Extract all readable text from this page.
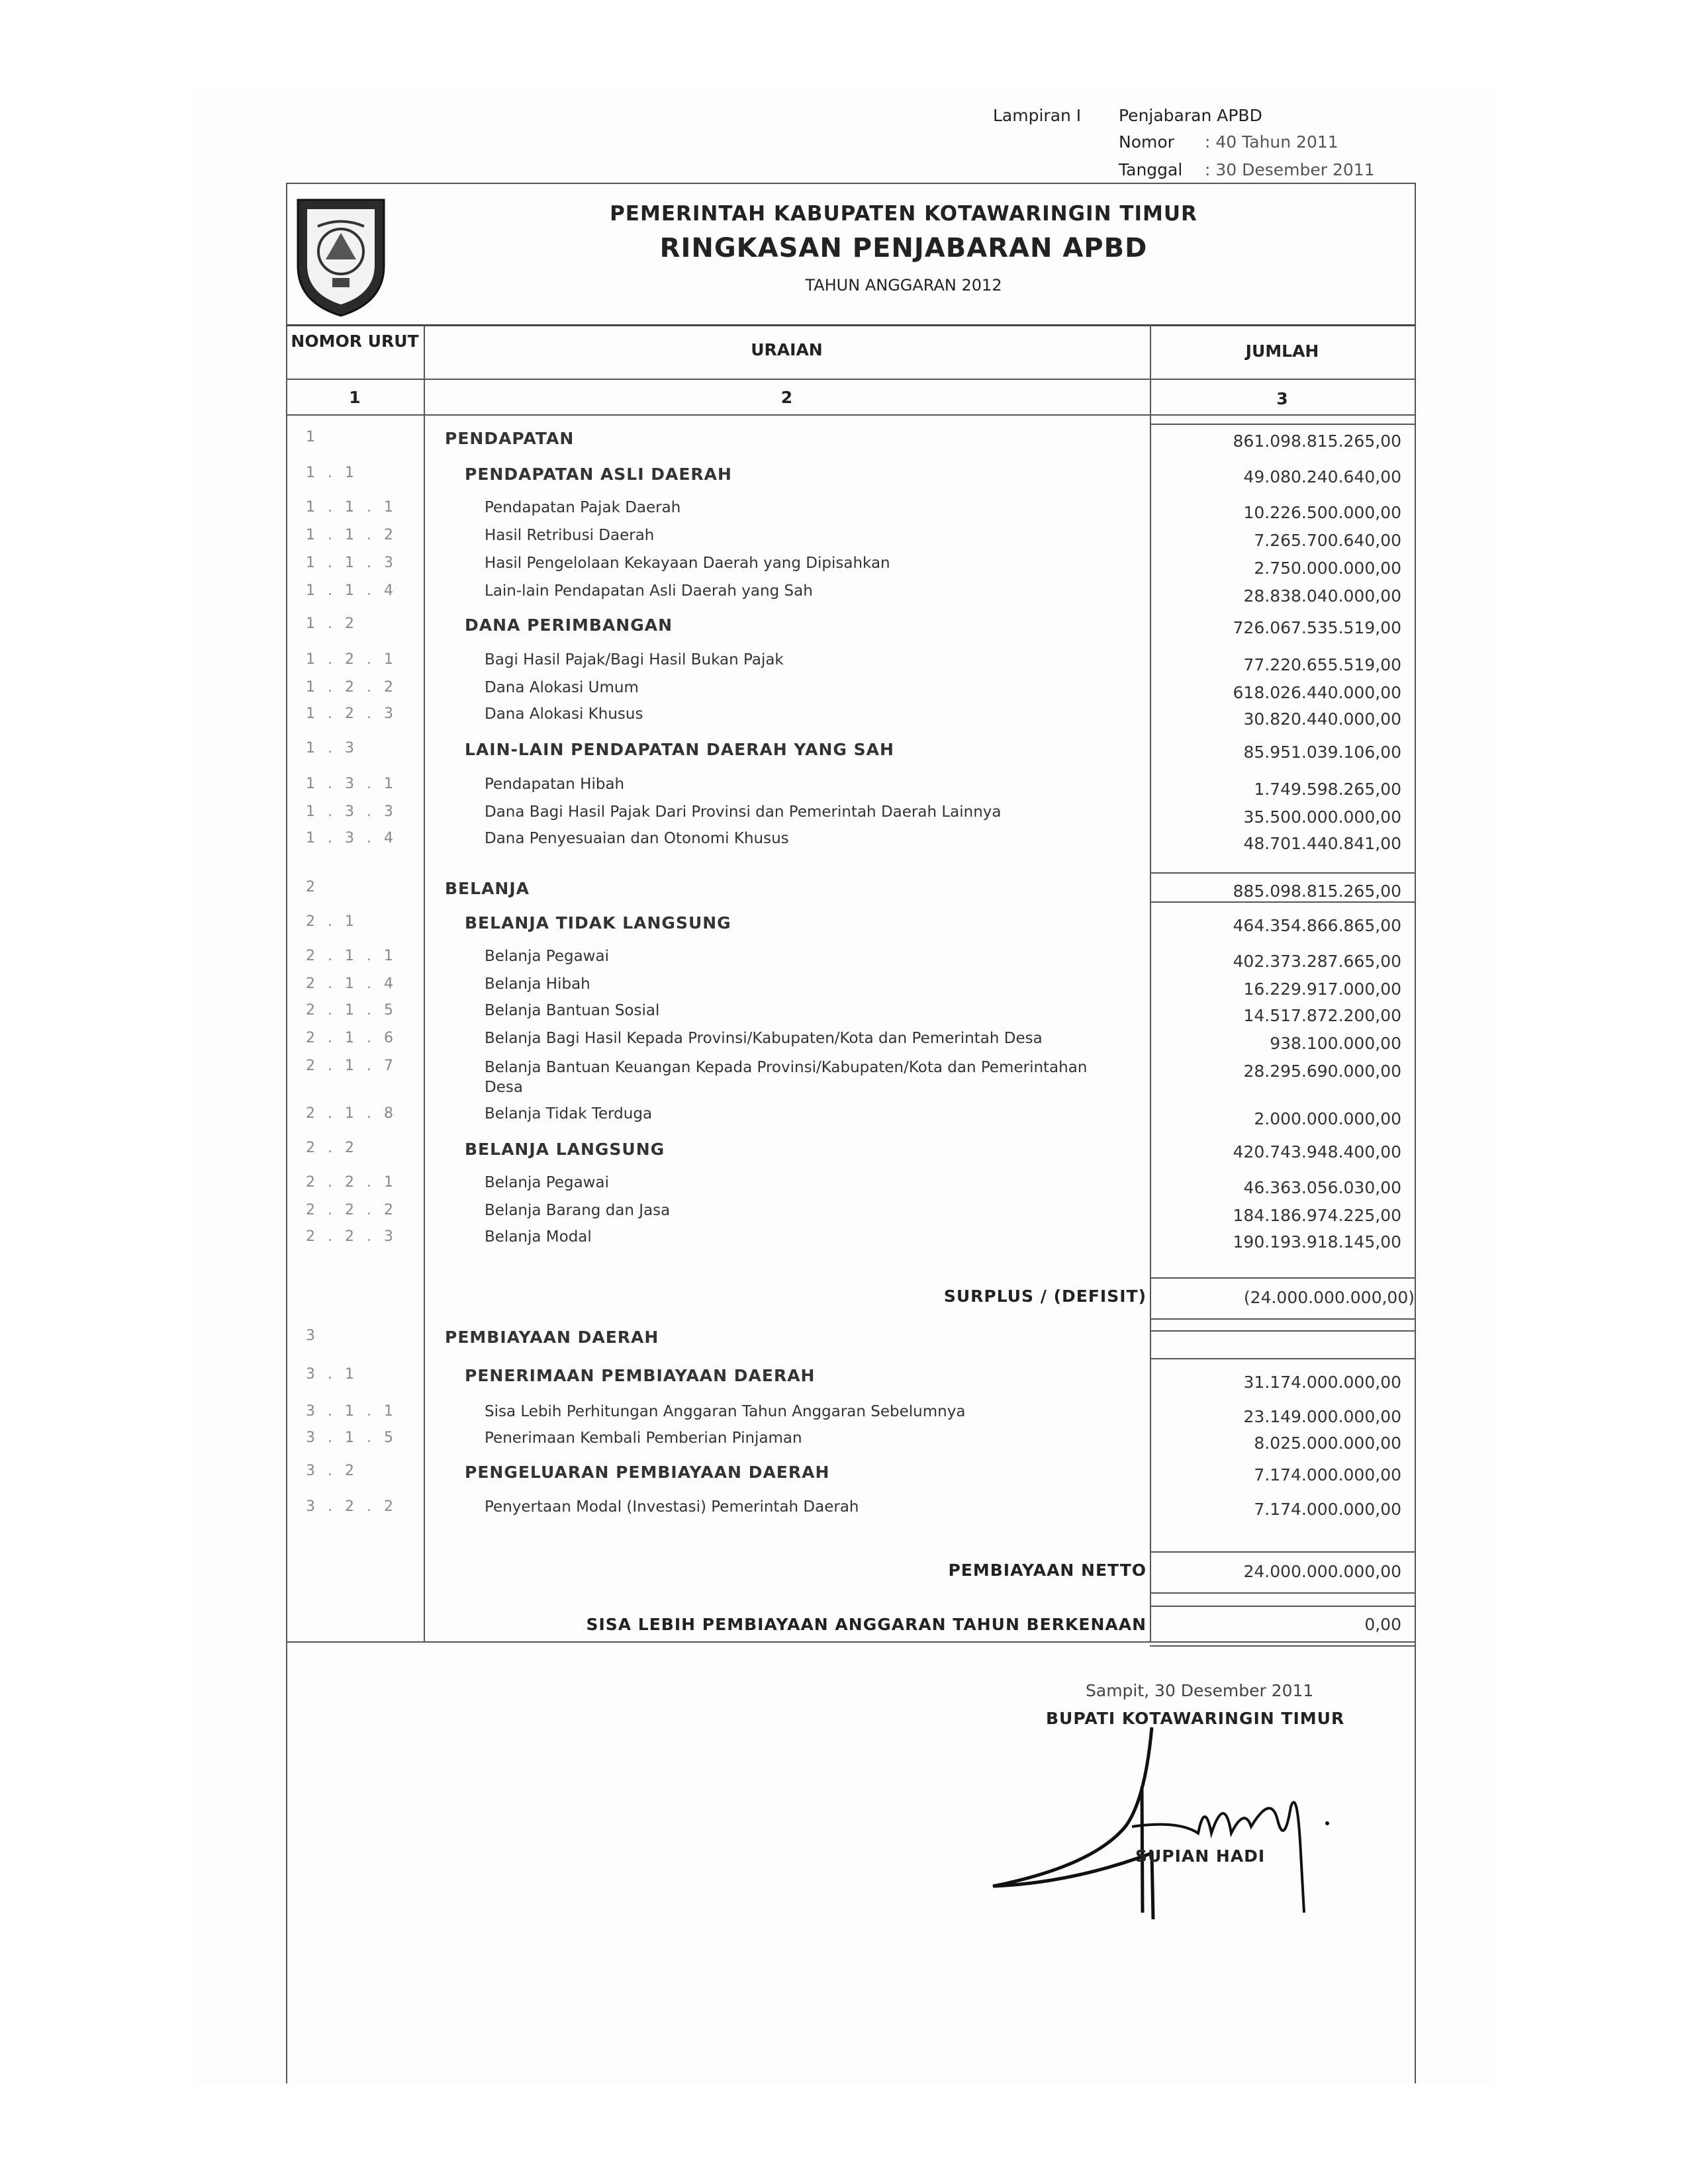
Lampiran I Penjabaran APBD
Nomor : 40 Tahun 2011
Tanggal : 30 Desember 2011
PEMERINTAH KABUPATEN KOTAWARINGIN TIMUR
RINGKASAN PENJABARAN APBD
TAHUN ANGGARAN 2012
NOMOR URUT	URAIAN	JUMLAH
1	2	3
1	PENDAPATAN	861.098.815.265,00
1 . 1	PENDAPATAN ASLI DAERAH	49.080.240.640,00
1 . 1 . 1	Pendapatan Pajak Daerah	10.226.500.000,00
1 . 1 . 2	Hasil Retribusi Daerah	7.265.700.640,00
1 . 1 . 3	Hasil Pengelolaan Kekayaan Daerah yang Dipisahkan	2.750.000.000,00
1 . 1 . 4	Lain-lain Pendapatan Asli Daerah yang Sah	28.838.040.000,00
1 . 2	DANA PERIMBANGAN	726.067.535.519,00
1 . 2 . 1	Bagi Hasil Pajak/Bagi Hasil Bukan Pajak	77.220.655.519,00
1 . 2 . 2	Dana Alokasi Umum	618.026.440.000,00
1 . 2 . 3	Dana Alokasi Khusus	30.820.440.000,00
1 . 3	LAIN-LAIN PENDAPATAN DAERAH YANG SAH	85.951.039.106,00
1 . 3 . 1	Pendapatan Hibah	1.749.598.265,00
1 . 3 . 3	Dana Bagi Hasil Pajak Dari Provinsi dan Pemerintah Daerah Lainnya	35.500.000.000,00
1 . 3 . 4	Dana Penyesuaian dan Otonomi Khusus	48.701.440.841,00
2	BELANJA	885.098.815.265,00
2 . 1	BELANJA TIDAK LANGSUNG	464.354.866.865,00
2 . 1 . 1	Belanja Pegawai	402.373.287.665,00
2 . 1 . 4	Belanja Hibah	16.229.917.000,00
2 . 1 . 5	Belanja Bantuan Sosial	14.517.872.200,00
2 . 1 . 6	Belanja Bagi Hasil Kepada Provinsi/Kabupaten/Kota dan Pemerintah Desa	938.100.000,00
2 . 1 . 7	Belanja Bantuan Keuangan Kepada Provinsi/Kabupaten/Kota dan Pemerintahan Desa
28.295.690.000,00
2 . 1 . 8	Belanja Tidak Terduga	2.000.000.000,00
2 . 2	BELANJA LANGSUNG	420.743.948.400,00
2 . 2 . 1	Belanja Pegawai	46.363.056.030,00
2 . 2 . 2	Belanja Barang dan Jasa	184.186.974.225,00
2 . 2 . 3	Belanja Modal	190.193.918.145,00
SURPLUS / (DEFISIT)	(24.000.000.000,00)
3	PEMBIAYAAN DAERAH
3 . 1	PENERIMAAN PEMBIAYAAN DAERAH	31.174.000.000,00
3 . 1 . 1	Sisa Lebih Perhitungan Anggaran Tahun Anggaran Sebelumnya	23.149.000.000,00
3 . 1 . 5	Penerimaan Kembali Pemberian Pinjaman	8.025.000.000,00
3 . 2	PENGELUARAN PEMBIAYAAN DAERAH	7.174.000.000,00
3 . 2 . 2	Penyertaan Modal (Investasi) Pemerintah Daerah	7.174.000.000,00
PEMBIAYAAN NETTO	24.000.000.000,00
SISA LEBIH PEMBIAYAAN ANGGARAN TAHUN BERKENAAN	0,00
Sampit, 30 Desember 2011
BUPATI KOTAWARINGIN TIMUR
SUPIAN HADI
